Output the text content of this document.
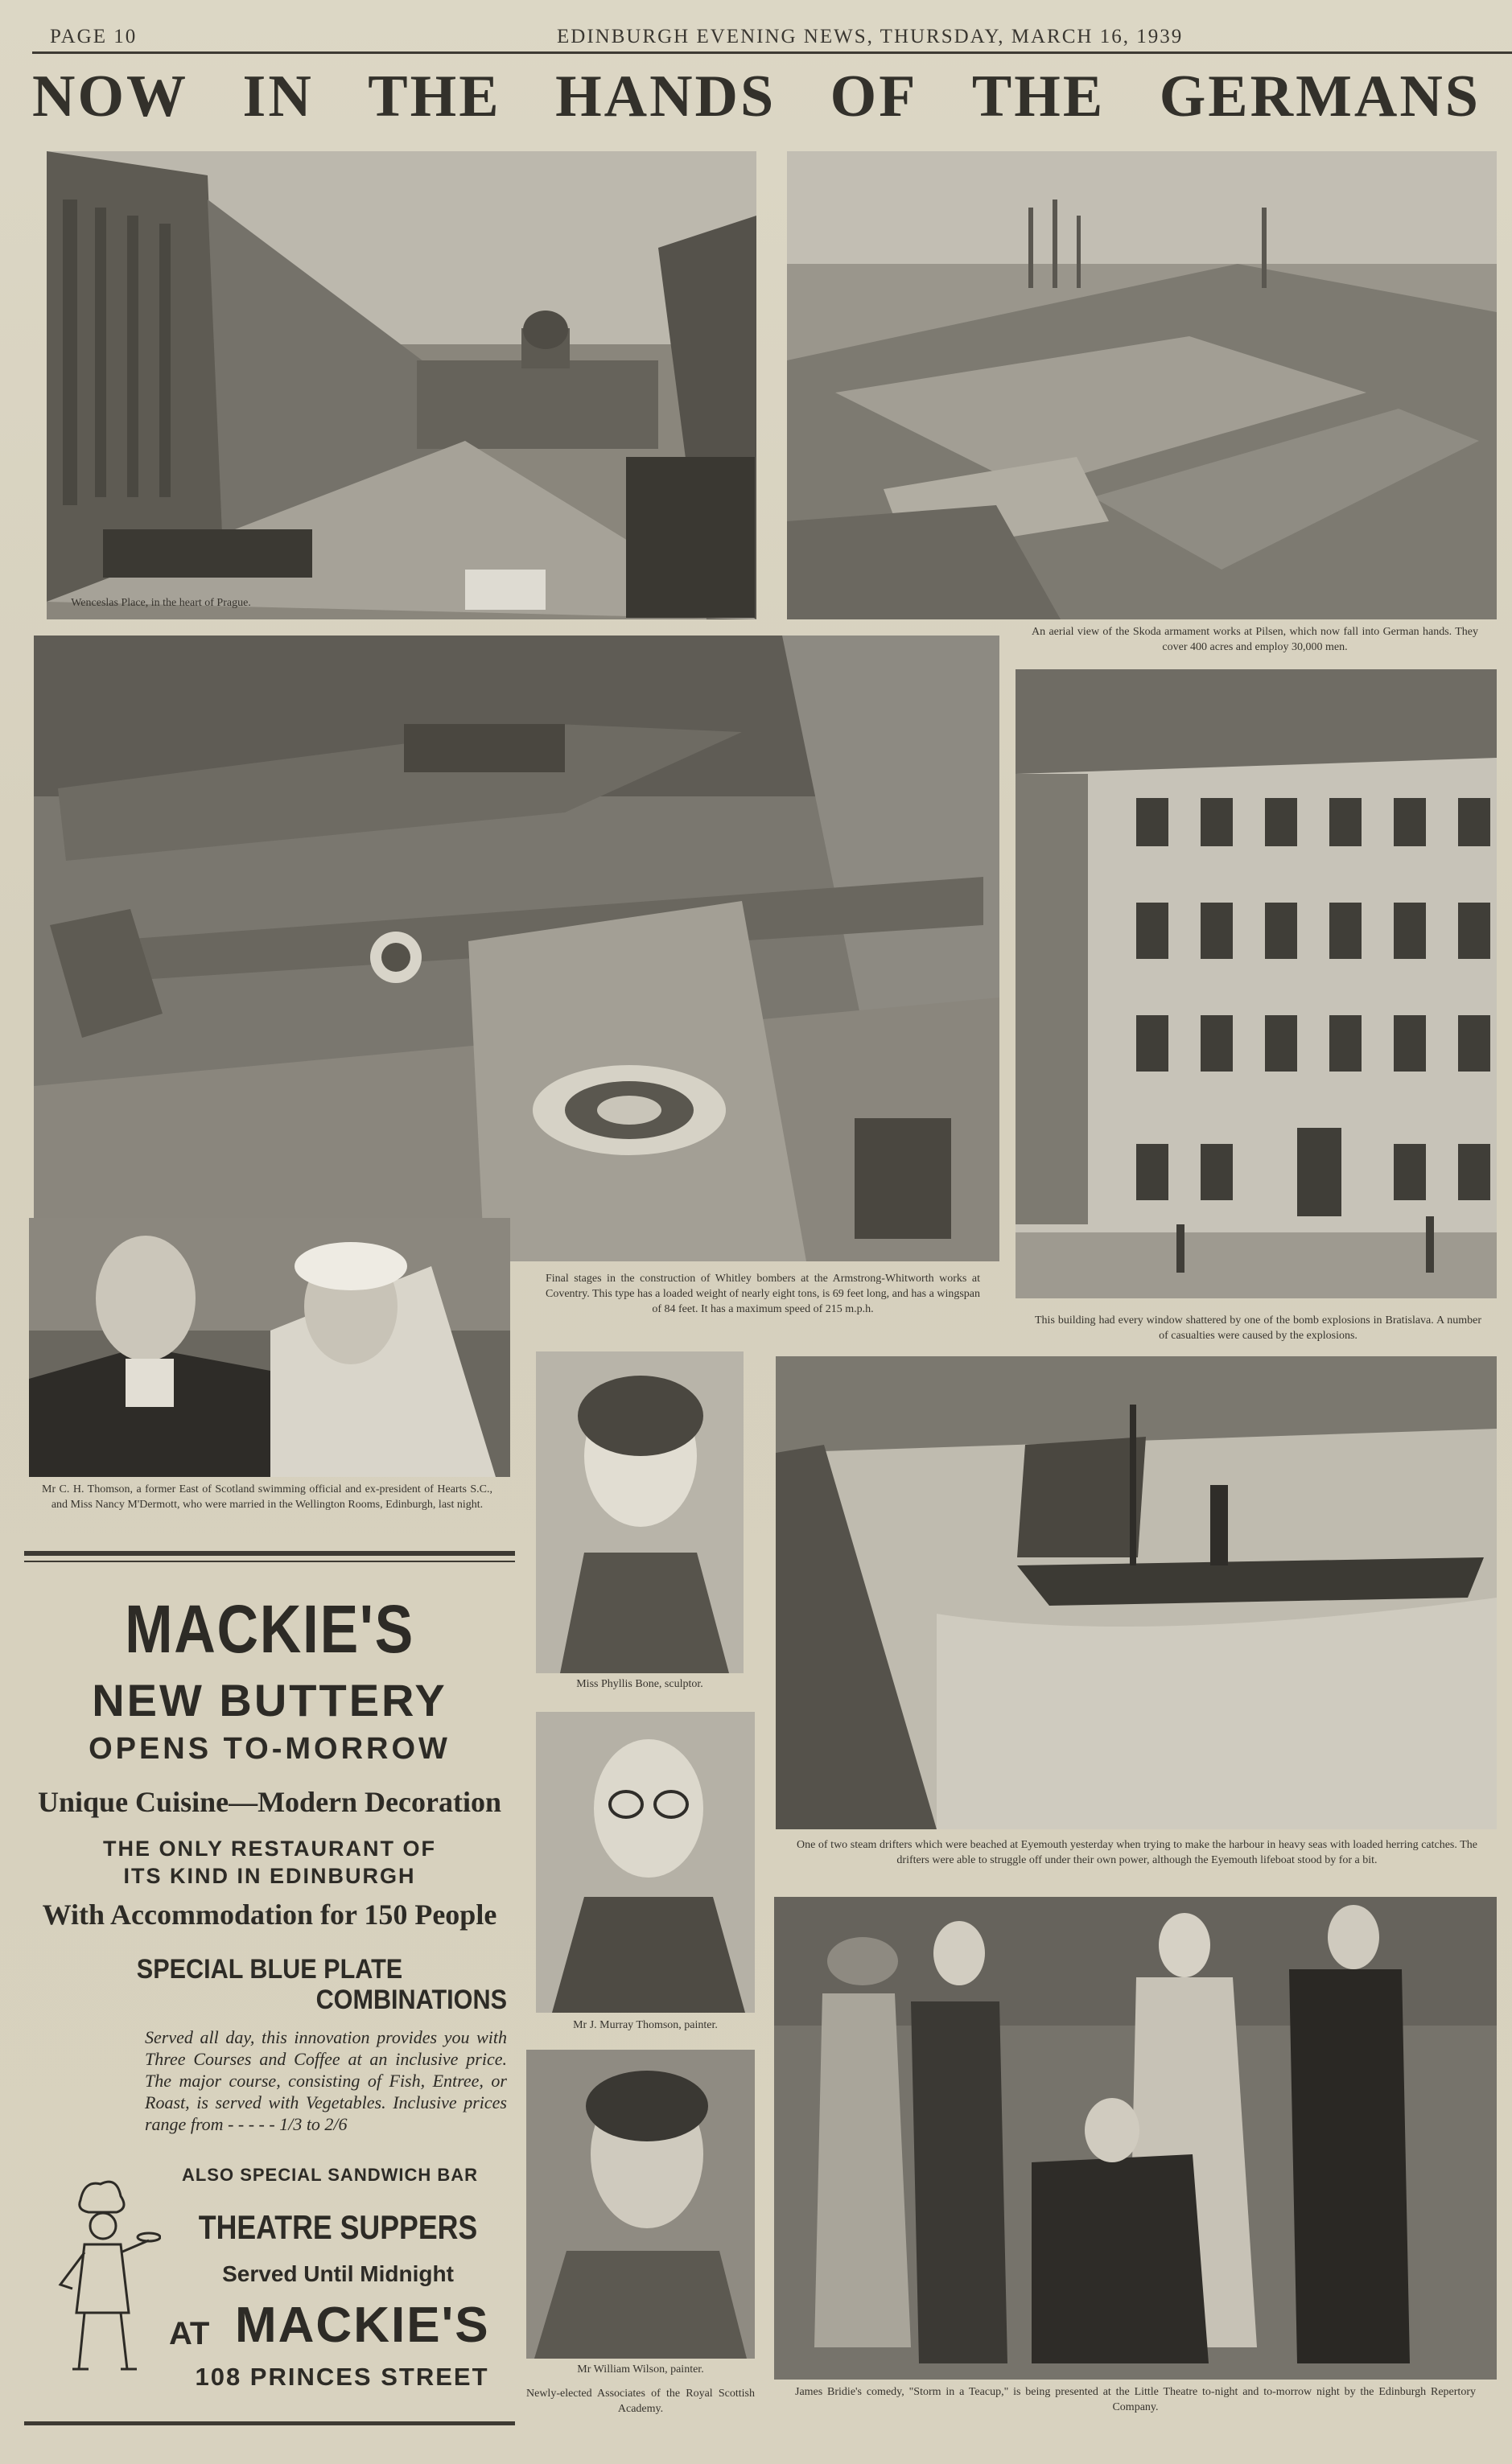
PAGE 10	EDINBURGH EVENING NEWS, THURSDAY, MARCH 16, 1939
NOW IN THE HANDS OF THE GERMANS
Wenceslas Place, in the heart of Prague.
An aerial view of the Skoda armament works at Pilsen, which now fall into German hands. They cover 400 acres and employ 30,000 men.
Final stages in the construction of Whitley bombers at the Armstrong-Whitworth works at Coventry. This type has a loaded weight of nearly eight tons, is 69 feet long, and has a wingspan of 84 feet. It has a maximum speed of 215 m.p.h.
This building had every window shattered by one of the bomb explosions in Bratislava. A number of casualties were caused by the explosions.
Mr C. H. Thomson, a former East of Scotland swimming official and ex-president of Hearts S.C., and Miss Nancy M'Dermott, who were married in the Wellington Rooms, Edinburgh, last night.
Miss Phyllis Bone, sculptor.
One of two steam drifters which were beached at Eyemouth yesterday when trying to make the harbour in heavy seas with loaded herring catches. The drifters were able to struggle off under their own power, although the Eyemouth lifeboat stood by for a bit.
Mr J. Murray Thomson, painter.
Mr William Wilson, painter.
Newly-elected Associates of the Royal Scottish Academy.
James Bridie's comedy, "Storm in a Teacup," is being presented at the Little Theatre to-night and to-morrow night by the Edinburgh Repertory Company.
MACKIE'S
NEW BUTTERY
OPENS TO-MORROW
Unique Cuisine—Modern Decoration
THE ONLY RESTAURANT OF
ITS KIND IN EDINBURGH
With Accommodation for 150 People
SPECIAL BLUE PLATE
COMBINATIONS
Served all day, this innovation provides you with Three Courses and Coffee at an inclusive price. The major course, consisting of Fish, Entree, or Roast, is served with Vegetables. Inclusive prices range from - - - - - 1/3 to 2/6
ALSO SPECIAL SANDWICH BAR
THEATRE SUPPERS
Served Until Midnight
AT MACKIE'S
108 PRINCES STREET
